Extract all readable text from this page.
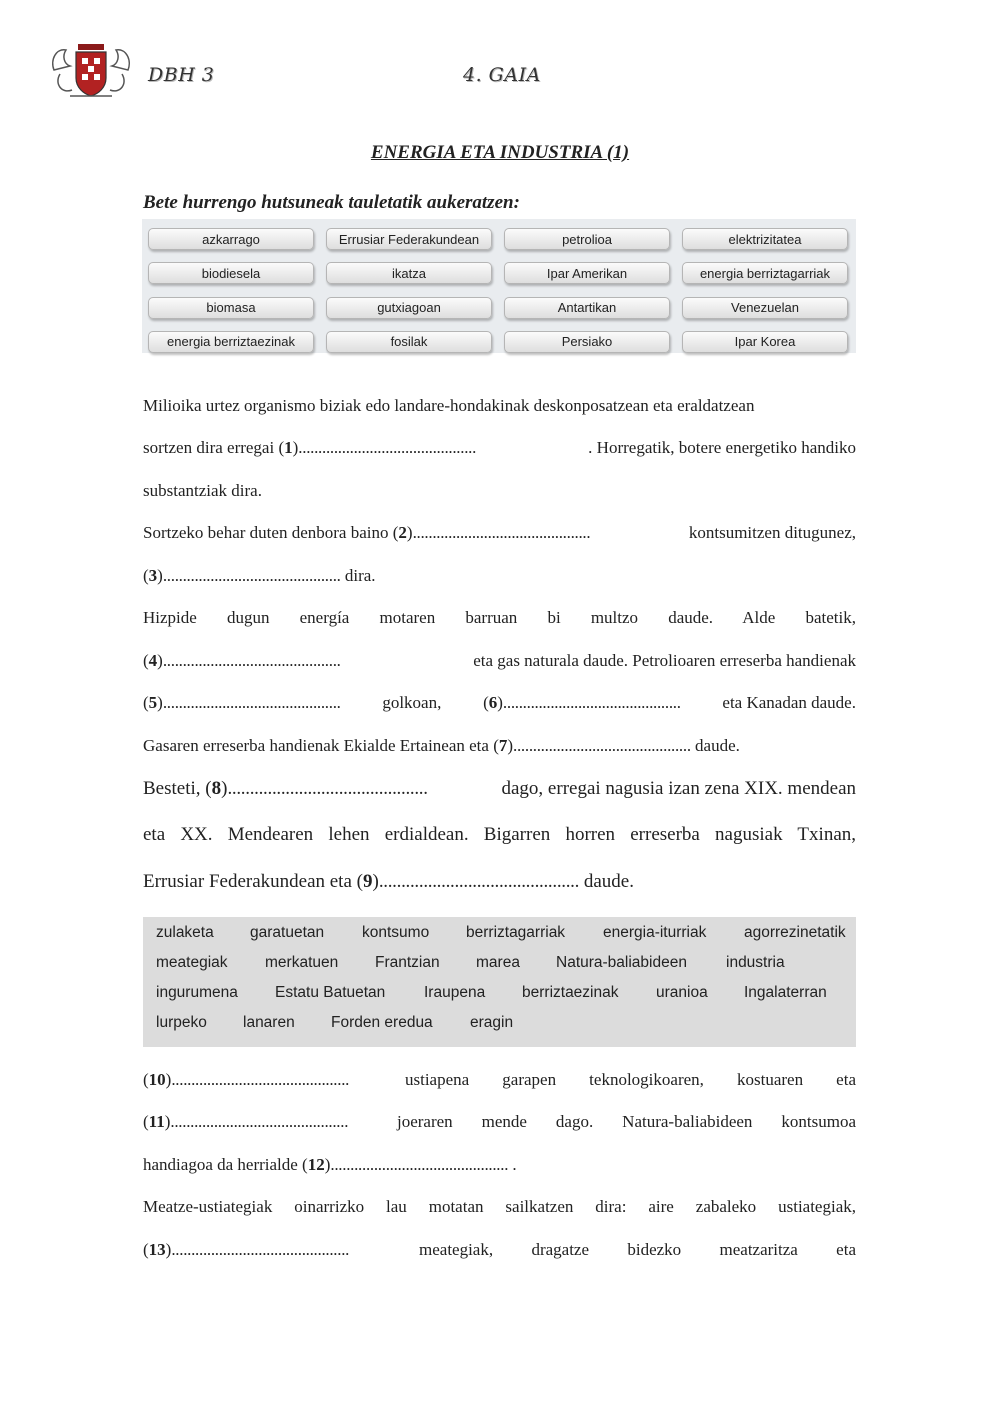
DBH 3	4. GAIA
ENERGIA ETA INDUSTRIA (1)
Bete hurrengo hutsuneak tauletatik aukeratzen:
azkarrago	Errusiar Federakundean	petrolioa	elektrizitatea
biodiesela	ikatza	Ipar Amerikan	energia berriztagarriak
biomasa	gutxiagoan	Antartikan	Venezuelan
energia berriztaezinak	fosilak	Persiako	Ipar Korea
Milioika urtez organismo biziak edo landare-hondakinak deskonposatzean eta eraldatzean
sortzen dira erregai (1).............................................	. Horregatik, botere energetiko handiko
substantziak dira.
Sortzeko behar duten denbora baino (2).............................................	kontsumitzen ditugunez,
(3)............................................. dira.
Hizpide dugun energía motaren barruan bi multzo daude. Alde batetik,
(4).............................................	eta gas naturala daude. Petrolioaren erreserba handienak
(5)............................................. golkoan, (6)............................................. eta Kanadan daude.
Gasaren erreserba handienak Ekialde Ertainean eta (7)............................................. daude.
Besteti, (8).............................................	dago, erregai nagusia izan zena XIX. mendean
eta XX. Mendearen lehen erdialdean. Bigarren horren erreserba nagusiak Txinan,
Errusiar Federakundean eta (9)............................................. daude.
zulaketa garatuetan kontsumo berriztagarriak energia-iturriak agorrezinetatik
meategiak merkatuen Frantzian marea Natura-baliabideen	industria
ingurumena Estatu Batuetan Iraupena berriztaezinak uranioa Ingalaterran
lurpeko lanaren Forden eredua eragin
(10).............................................	ustiapena garapen teknologikoaren, kostuaren eta
(11).............................................	joeraren mende dago. Natura-baliabideen kontsumoa
handiagoa da herrialde (12)............................................. .
Meatze-ustiategiak oinarrizko lau motatan sailkatzen dira: aire zabaleko ustiategiak,
(13).............................................	meategiak, dragatze bidezko meatzaritza eta
